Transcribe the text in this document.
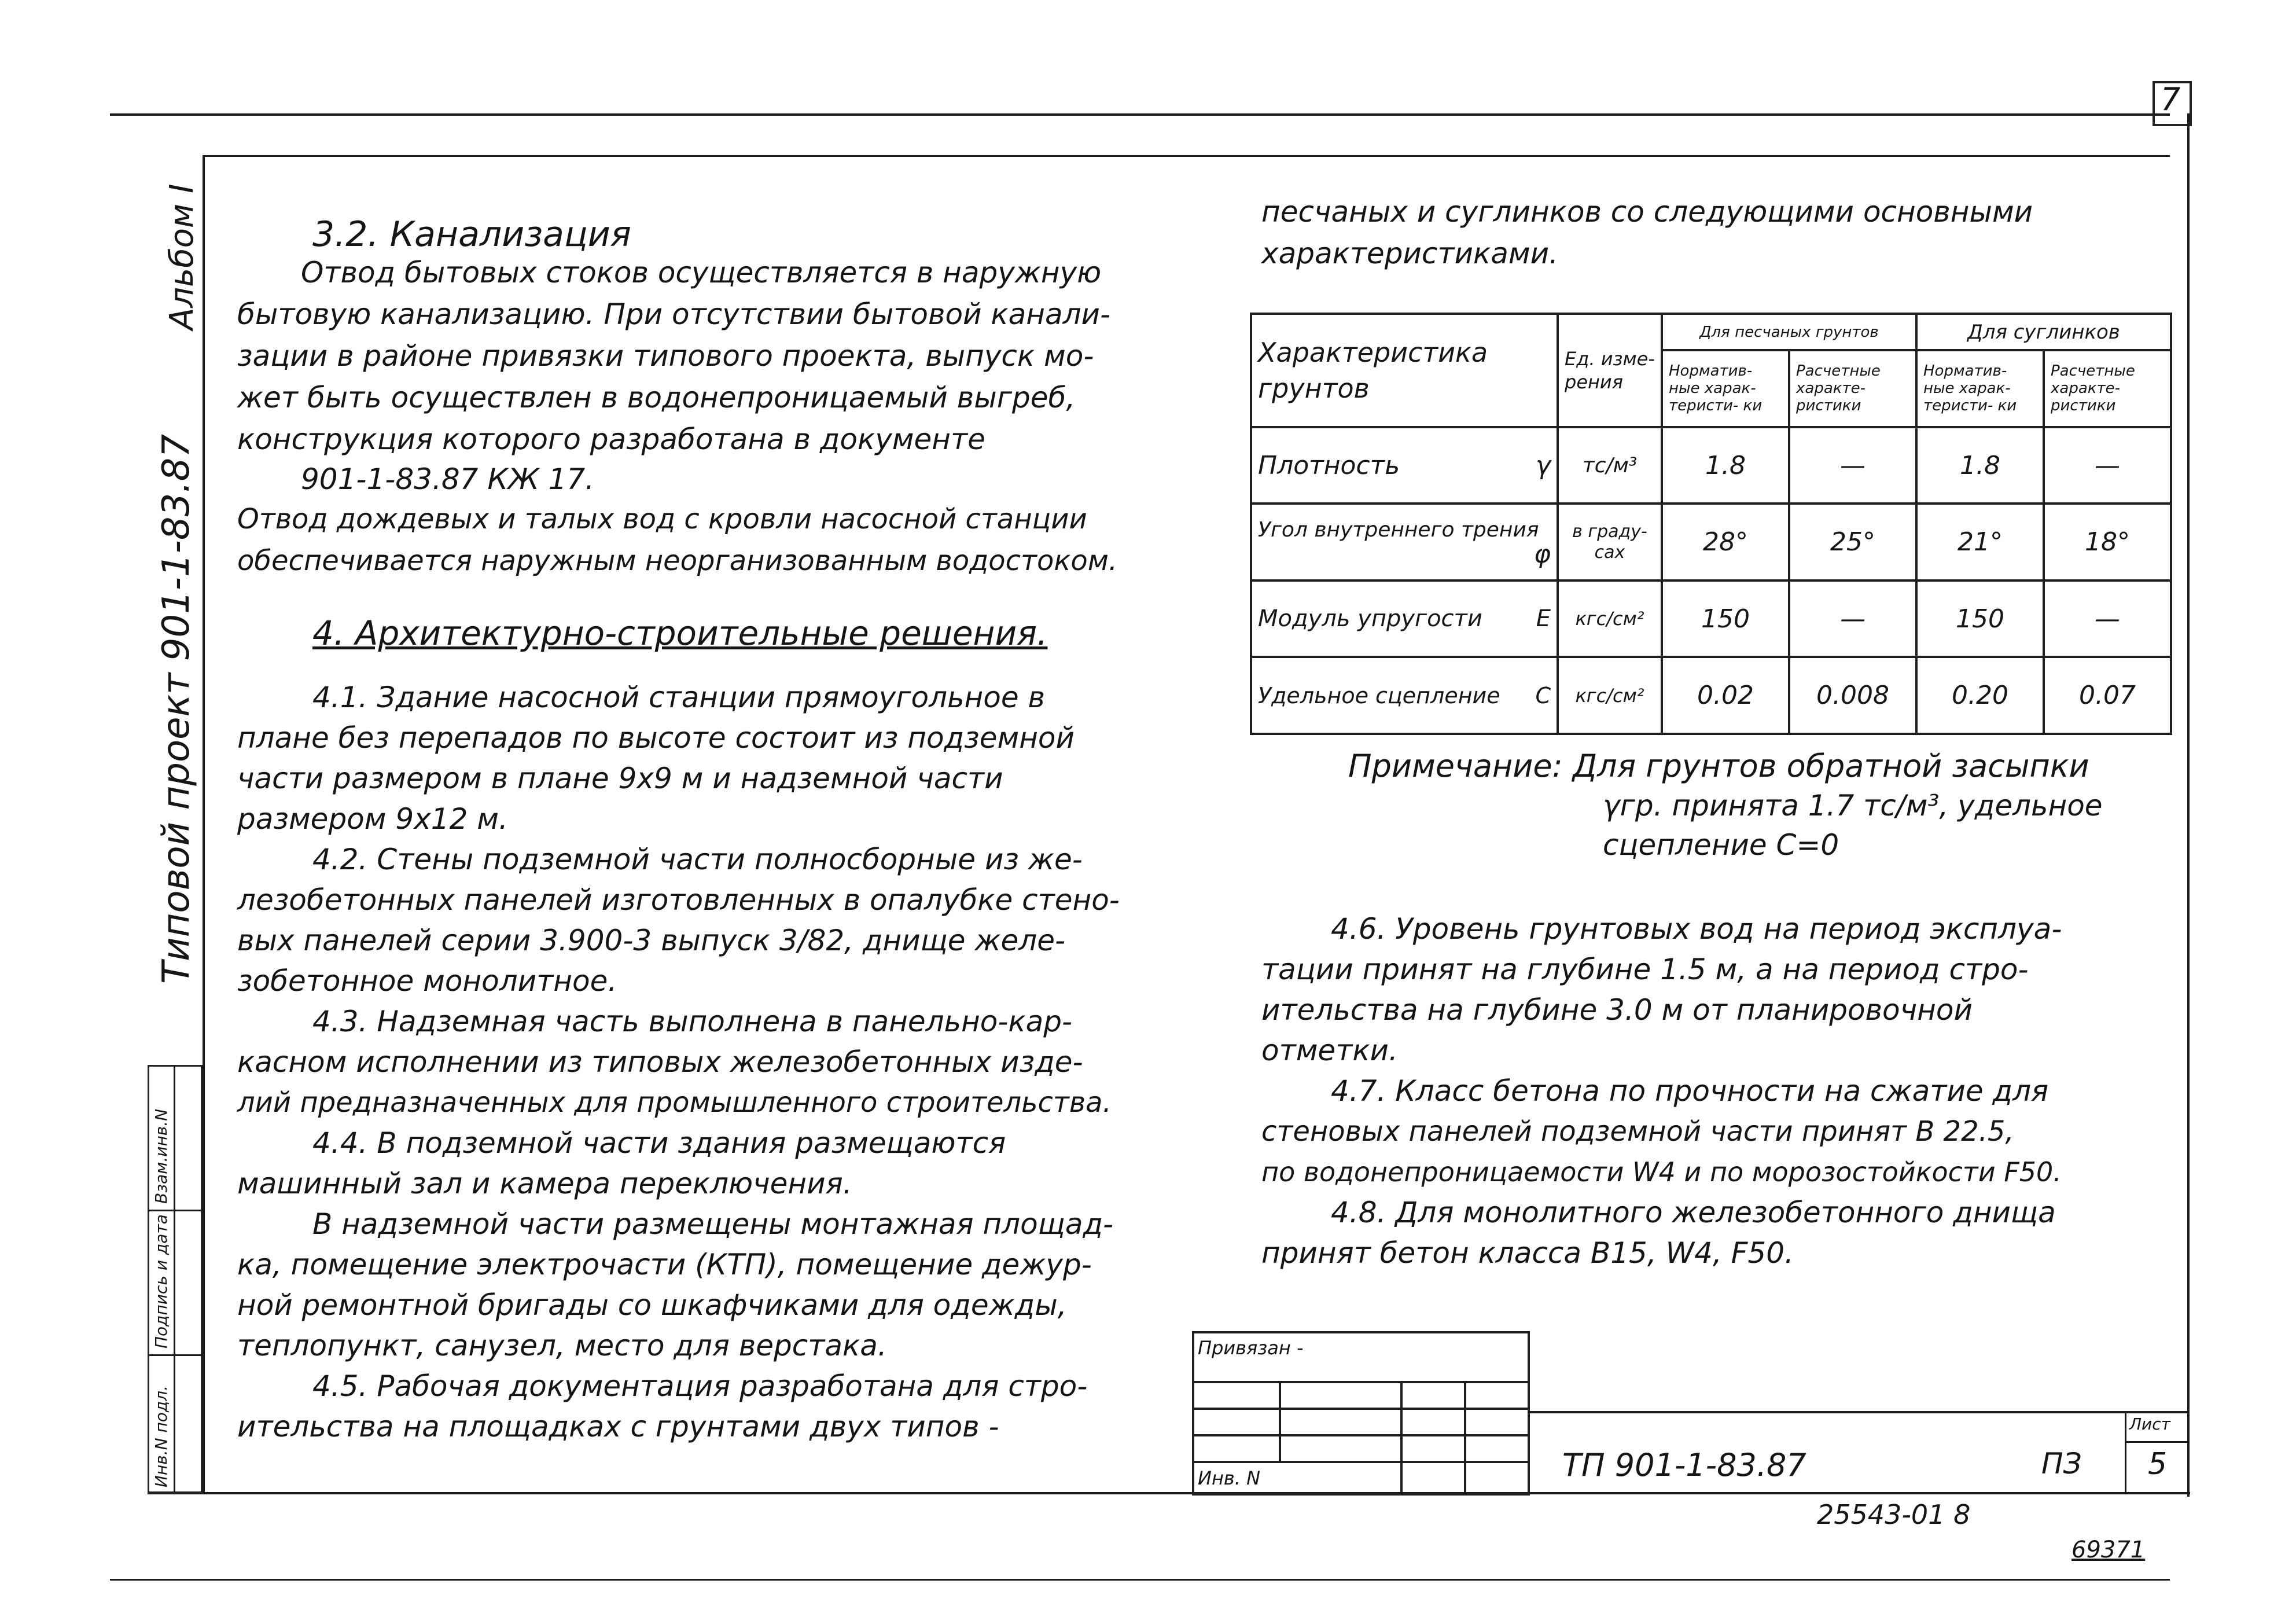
7
Альбом I
Типовой проект 901-1-83.87
Инв.N подл.
Подпись и дата
Взам.инв.N
3.2. Канализация
Отвод бытовых стоков осуществляется в наружную
бытовую канализацию. При отсутствии бытовой канали-
зации в районе привязки типового проекта, выпуск мо-
жет быть осуществлен в водонепроницаемый выгреб,
конструкция которого разработана в документе
901-1-83.87 КЖ 17.
Отвод дождевых и талых вод с кровли насосной станции
обеспечивается наружным неорганизованным водостоком.
4. Архитектурно-строительные решения.
4.1. Здание насосной станции прямоугольное в
плане без перепадов по высоте состоит из подземной
части размером в плане 9х9 м и надземной части
размером 9х12 м.
4.2. Стены подземной части полносборные из же-
лезобетонных панелей изготовленных в опалубке стено-
вых панелей серии 3.900-3 выпуск 3/82, днище желе-
зобетонное монолитное.
4.3. Надземная часть выполнена в панельно-кар-
касном исполнении из типовых железобетонных изде-
лий предназначенных для промышленного строительства.
4.4. В подземной части здания размещаются
машинный зал и камера переключения.
В надземной части размещены монтажная площад-
ка, помещение электрочасти (КТП), помещение дежур-
ной ремонтной бригады со шкафчиками для одежды,
теплопункт, санузел, место для верстака.
4.5. Рабочая документация разработана для стро-
ительства на площадках с грунтами двух типов -
песчаных и суглинков со следующими основными
характеристиками.
Характеристика грунтов	Ед. изме- рения	Для песчаных грунтов		Для суглинков	
		Норматив- ные харак- теристи- ки	Расчетные характе- ристики	Норматив- ные харак- теристи- ки	Расчетные характе- ристики
Плотность γ	тс/м³	1.8	—	1.8	—
Угол внутреннего трения
φ	в граду- сах	28°	25°	21°	18°
Модуль упругости E	кгс/см²	150	—	150	—
Удельное сцепление C	кгс/см²	0.02	0.008	0.20	0.07
Примечание: Для грунтов обратной засыпки
γгр. принята 1.7 тс/м³, удельное
сцепление С=0
4.6. Уровень грунтовых вод на период эксплуа-
тации принят на глубине 1.5 м, а на период стро-
ительства на глубине 3.0 м от планировочной
отметки.
4.7. Класс бетона по прочности на сжатие для
стеновых панелей подземной части принят В 22.5,
по водонепроницаемости W4 и по морозостойкости F50.
4.8. Для монолитного железобетонного днища
принят бетон класса В15, W4, F50.
Привязан -			

Инв. N				ТП 901-1-83.87	ПЗ
Лист
5
25543-01 8
69371
